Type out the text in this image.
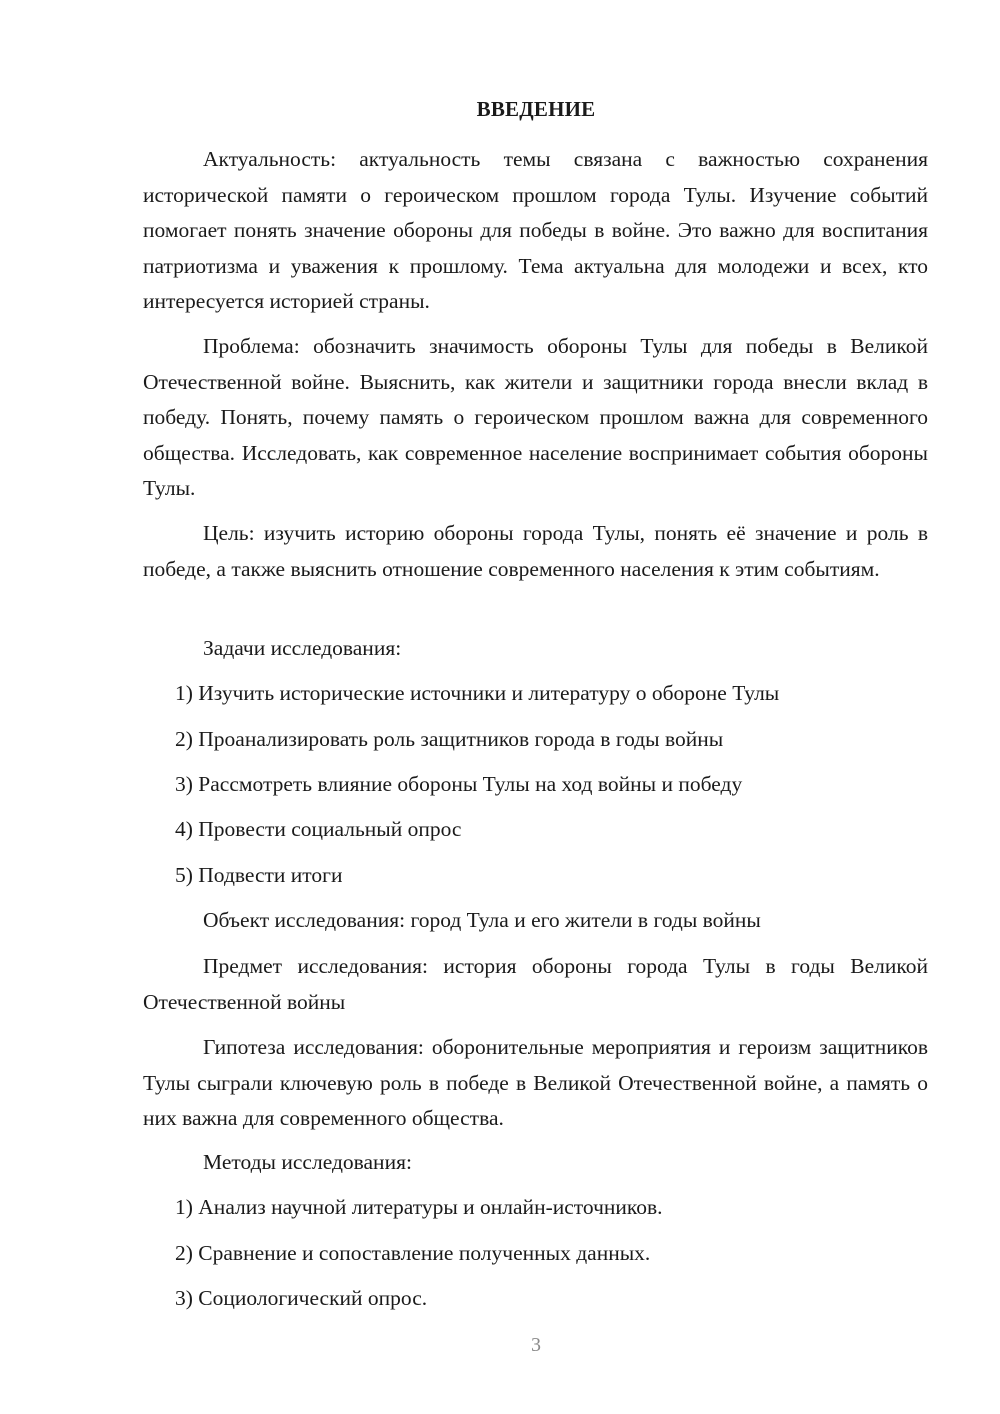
ВВЕДЕНИЕ

Актуальность: актуальность темы связана с важностью сохранения исторической памяти о героическом прошлом города Тулы. Изучение событий помогает понять значение обороны для победы в войне. Это важно для воспитания патриотизма и уважения к прошлому. Тема актуальна для молодежи и всех, кто интересуется историей страны.

Проблема: обозначить значимость обороны Тулы для победы в Великой Отечественной войне. Выяснить, как жители и защитники города внесли вклад в победу. Понять, почему память о героическом прошлом важна для современного общества. Исследовать, как современное население воспринимает события обороны Тулы.

Цель: изучить историю обороны города Тулы, понять её значение и роль в победе, а также выяснить отношение современного населения к этим событиям.

Задачи исследования:
1) Изучить исторические источники и литературу о обороне Тулы
2) Проанализировать роль защитников города в годы войны
3) Рассмотреть влияние обороны Тулы на ход войны и победу
4) Провести социальный опрос
5) Подвести итоги
Объект исследования: город Тула и его жители в годы войны

Предмет исследования: история обороны города Тулы в годы Великой Отечественной войны

Гипотеза исследования: оборонительные мероприятия и героизм защитников Тулы сыграли ключевую роль в победе в Великой Отечественной войне, а память о них важна для современного общества.

Методы исследования:
1) Анализ научной литературы и онлайн-источников.
2) Сравнение и сопоставление полученных данных.
3) Социологический опрос.
3
